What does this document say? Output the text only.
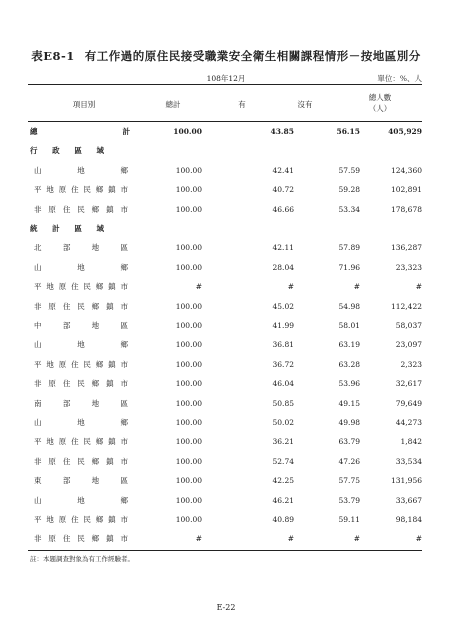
表E8-1 有工作過的原住民接受職業安全衛生相關課程情形－按地區別分
108年12月	單位：%、人
項目別	總計	有	沒有
總人數
（人）
總　　計	100.00	43.85	56.15	405,929
行 政 區 域
山　地　鄉	100.00	42.41	57.59	124,360
平地原住民鄉鎮市	100.00	40.72	59.28	102,891
非原住民鄉鎮市	100.00	46.66	53.34	178,678
統 計 區 域
北部地區	100.00	42.11	57.89	136,287
山　地　鄉	100.00	28.04	71.96	23,323
平地原住民鄉鎮市	#	#	#	#
非原住民鄉鎮市	100.00	45.02	54.98	112,422
中部地區	100.00	41.99	58.01	58,037
山　地　鄉	100.00	36.81	63.19	23,097
平地原住民鄉鎮市	100.00	36.72	63.28	2,323
非原住民鄉鎮市	100.00	46.04	53.96	32,617
南部地區	100.00	50.85	49.15	79,649
山　地　鄉	100.00	50.02	49.98	44,273
平地原住民鄉鎮市	100.00	36.21	63.79	1,842
非原住民鄉鎮市	100.00	52.74	47.26	33,534
東部地區	100.00	42.25	57.75	131,956
山　地　鄉	100.00	46.21	53.79	33,667
平地原住民鄉鎮市	100.00	40.89	59.11	98,184
非原住民鄉鎮市	#	#	#	#
註：本題調查對象為有工作經驗者。
E-22
